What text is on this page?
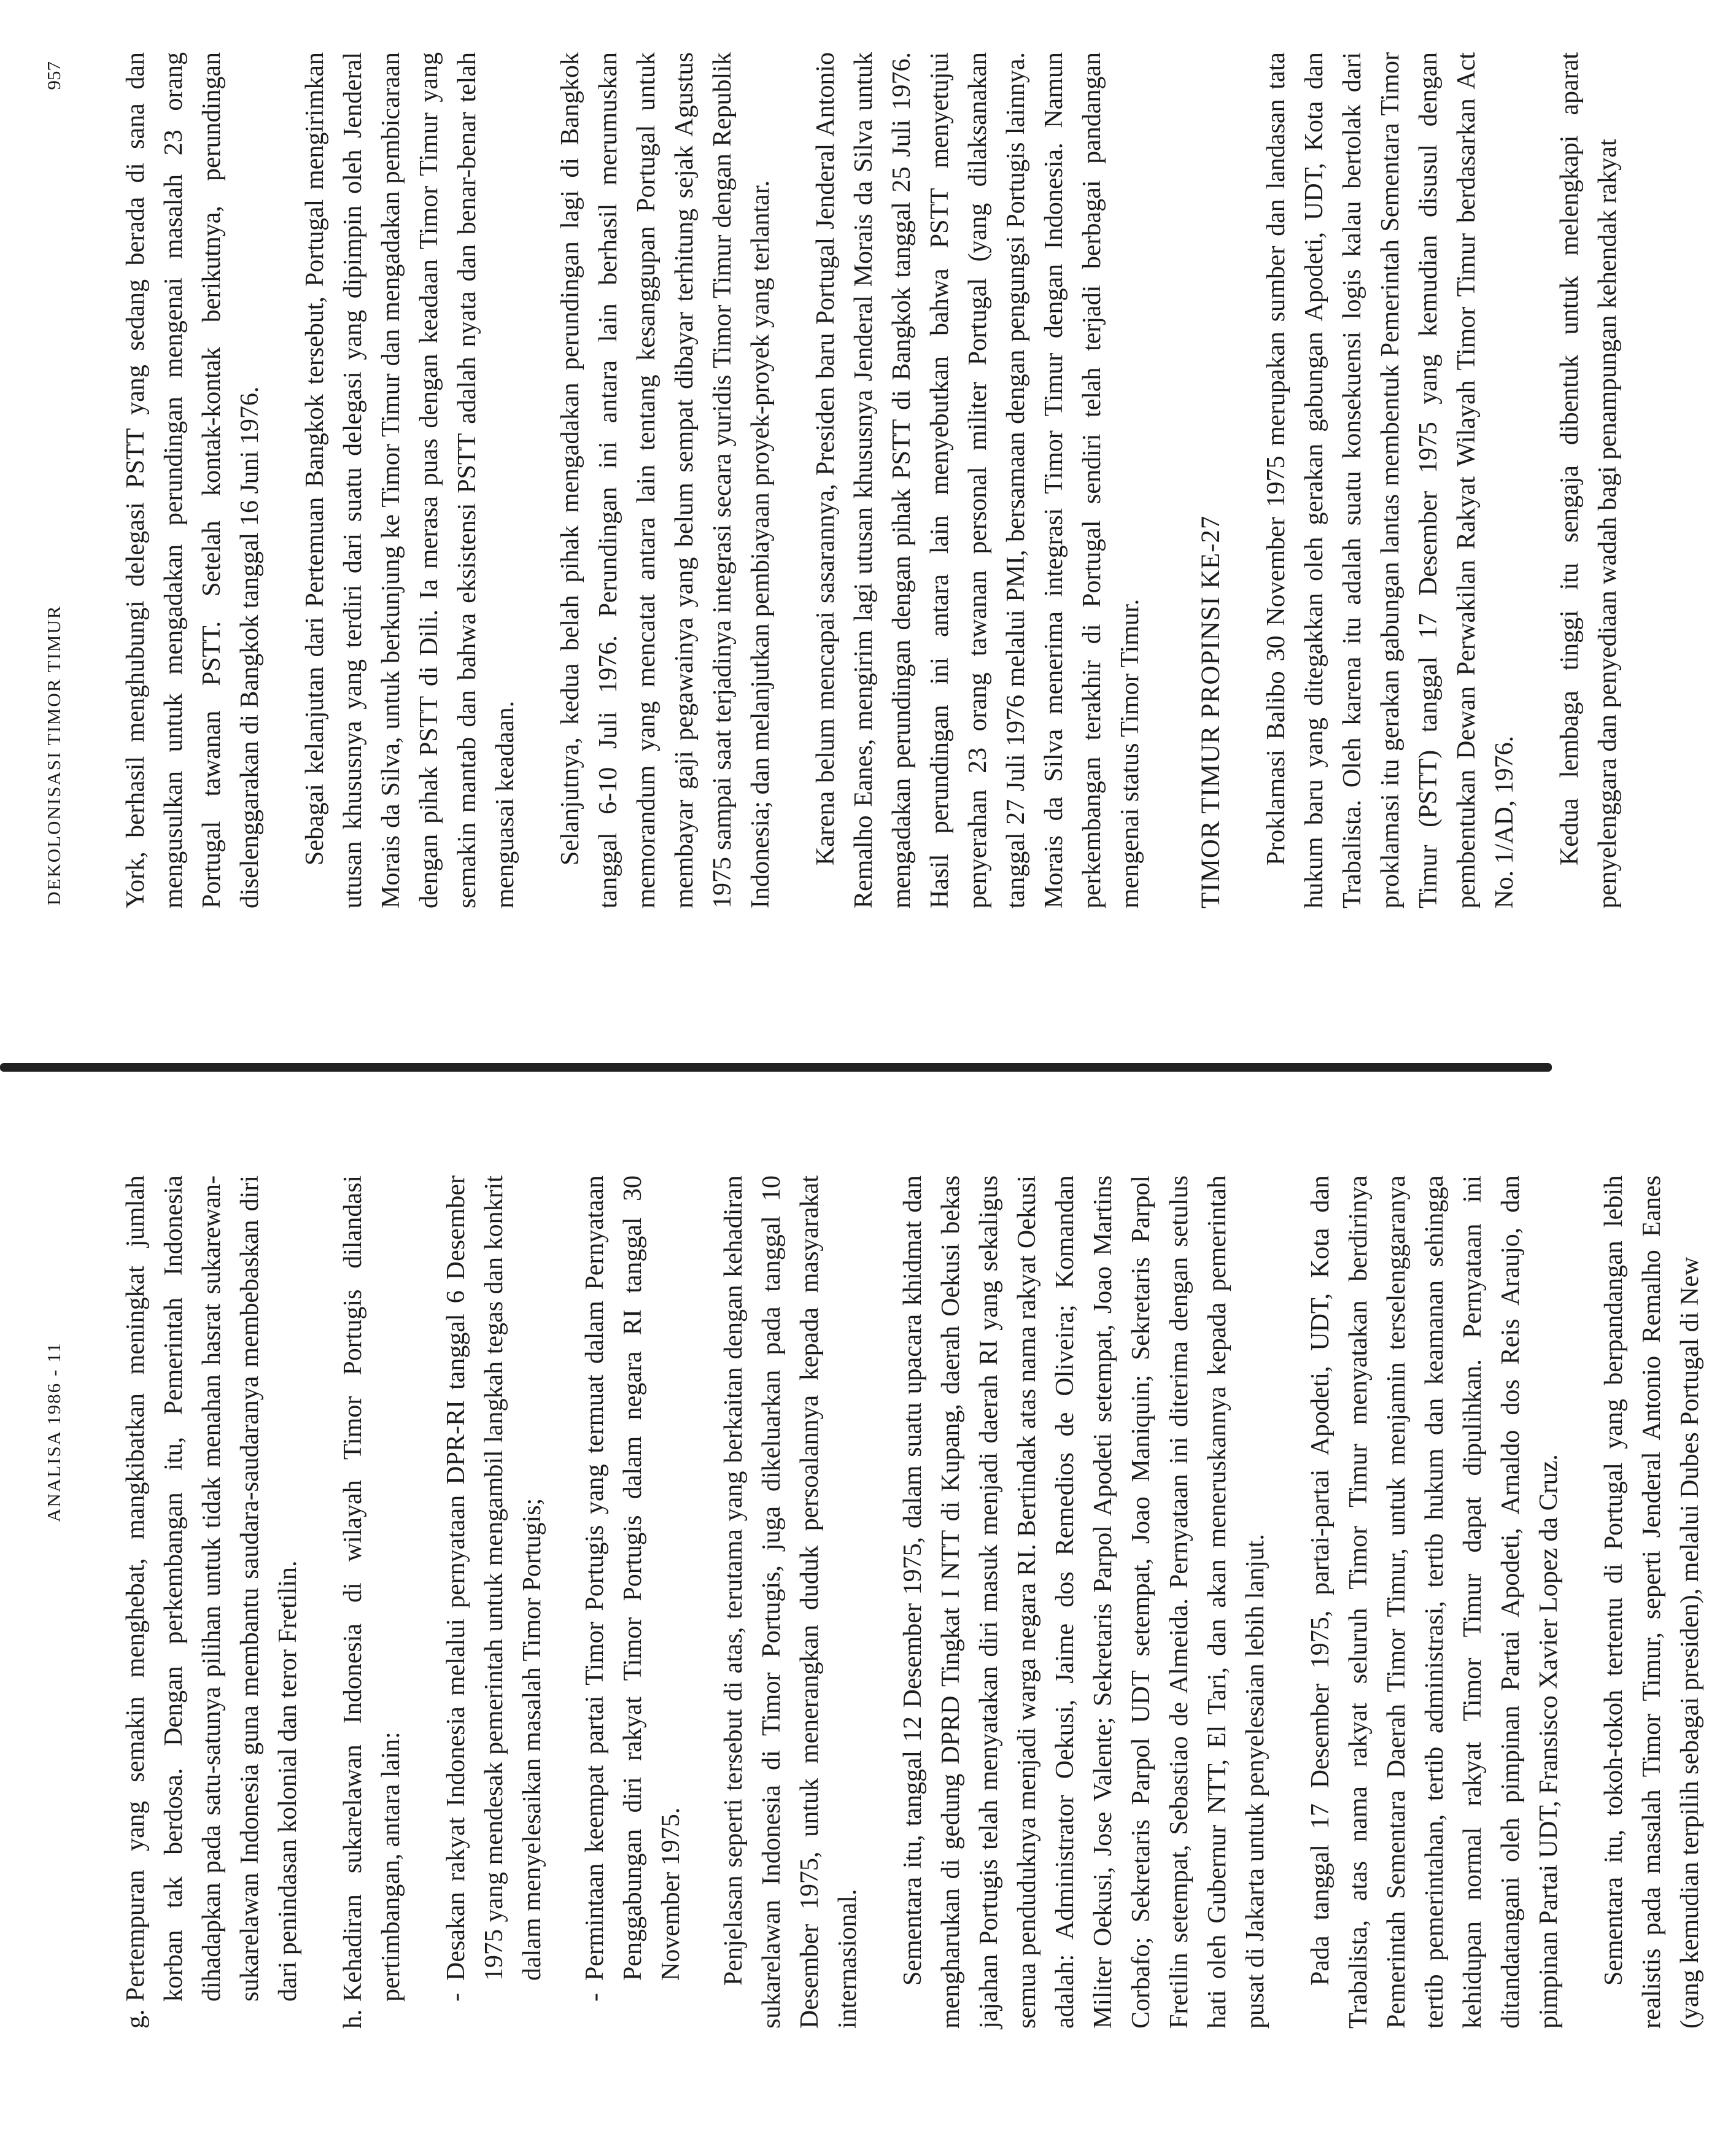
ANALISA 1986 - 11
g.
Pertempuran yang semakin menghebat, mangkibatkan meningkat jumlah korban tak berdosa. Dengan perkembangan itu, Pemerintah Indonesia dihadapkan pada satu-satunya pilihan untuk tidak menahan hasrat sukarewan-sukarelawan Indonesia guna membantu saudara-saudaranya membebaskan diri dari penindasan kolonial dan teror Fretilin.
h.
Kehadiran sukarelawan Indonesia di wilayah Timor Portugis dilandasi pertimbangan, antara lain: -
Desakan rakyat Indonesia melalui pernyataan DPR-RI tanggal 6 Desember 1975 yang mendesak pemerintah untuk mengambil langkah tegas dan konkrit dalam menyelesaikan masalah Timor Portugis;
-
Permintaan keempat partai Timor Portugis yang termuat dalam Pernyataan Penggabungan diri rakyat Timor Portugis dalam negara RI tanggal 30 November 1975. Penjelasan seperti tersebut di atas, terutama yang berkaitan dengan kehadiran sukarelawan Indonesia di Timor Portugis, juga dikeluarkan pada tanggal 10 Desember 1975, untuk menerangkan duduk persoalannya kepada masyarakat internasional. Sementara itu, tanggal 12 Desember 1975, dalam suatu upacara khidmat dan mengharukan di gedung DPRD Tingkat I NTT di Kupang, daerah Oekusi bekas jajahan Portugis telah menyatakan diri masuk menjadi daerah RI yang sekaligus semua penduduknya menjadi warga negara RI. Bertindak atas nama rakyat Oekusi adalah: Administrator Oekusi, Jaime dos Remedios de Oliveira; Komandan Militer Oekusi, Jose Valente; Sekretaris Parpol Apodeti setempat, Joao Martins Corbafo; Sekretaris Parpol UDT setempat, Joao Maniquin; Sekretaris Parpol Fretilin setempat, Sebastiao de Almeida. Pernyataan ini diterima dengan setulus hati oleh Gubernur NTT, El Tari, dan akan meneruskannya kepada pemerintah pusat di Jakarta untuk penyelesaian lebih lanjut. Pada tanggal 17 Desember 1975, partai-partai Apodeti, UDT, Kota dan Trabalista, atas nama rakyat seluruh Timor Timur menyatakan berdirinya Pemerintah Sementara Daerah Timor Timur, untuk menjamin terselenggaranya tertib pemerintahan, tertib administrasi, tertib hukum dan keamanan sehingga kehidupan normal rakyat Timor Timur dapat dipulihkan. Pernyataan ini ditandatangani oleh pimpinan Partai Apodeti, Arnaldo dos Reis Araujo, dan pimpinan Partai UDT, Fransisco Xavier Lopez da Cruz. Sementara itu, tokoh-tokoh tertentu di Portugal yang berpandangan lebih realistis pada masalah Timor Timur, seperti Jenderal Antonio Remalho Eanes (yang kemudian terpilih sebagai presiden), melalui Dubes Portugal di New

DEKOLONISASI TIMOR TIMUR
957 York, berhasil menghubungi delegasi PSTT yang sedang berada di sana dan mengusulkan untuk mengadakan perundingan mengenai masalah 23 orang Portugal tawanan PSTT. Setelah kontak-kontak berikutnya, perundingan diselenggarakan di Bangkok tanggal 16 Juni 1976. Sebagai kelanjutan dari Pertemuan Bangkok tersebut, Portugal mengirimkan utusan khususnya yang terdiri dari suatu delegasi yang dipimpin oleh Jenderal Morais da Silva, untuk berkunjung ke Timor Timur dan mengadakan pembicaraan dengan pihak PSTT di Dili. Ia merasa puas dengan keadaan Timor Timur yang semakin mantab dan bahwa eksistensi PSTT adalah nyata dan benar-benar telah menguasai keadaan. Selanjutnya, kedua belah pihak mengadakan perundingan lagi di Bangkok tanggal 6-10 Juli 1976. Perundingan ini antara lain berhasil merumuskan memorandum yang mencatat antara lain tentang kesanggupan Portugal untuk membayar gaji pegawainya yang belum sempat dibayar terhitung sejak Agustus 1975 sampai saat terjadinya integrasi secara yuridis Timor Timur dengan Republik Indonesia; dan melanjutkan pembiayaan proyek-proyek yang terlantar. Karena belum mencapai sasarannya, Presiden baru Portugal Jenderal Antonio Remalho Eanes, mengirim lagi utusan khususnya Jenderal Morais da Silva untuk mengadakan perundingan dengan pihak PSTT di Bangkok tanggal 25 Juli 1976. Hasil perundingan ini antara lain menyebutkan bahwa PSTT menyetujui penyerahan 23 orang tawanan personal militer Portugal (yang dilaksanakan tanggal 27 Juli 1976 melalui PMI, bersamaan dengan pengungsi Portugis lainnya. Morais da Silva menerima integrasi Timor Timur dengan Indonesia. Namun perkembangan terakhir di Portugal sendiri telah terjadi berbagai pandangan mengenai status Timor Timur. TIMOR TIMUR PROPINSI KE-27 Proklamasi Balibo 30 November 1975 merupakan sumber dan landasan tata hukum baru yang ditegakkan oleh gerakan gabungan Apodeti, UDT, Kota dan Trabalista. Oleh karena itu adalah suatu konsekuensi logis kalau bertolak dari proklamasi itu gerakan gabungan lantas membentuk Pemerintah Sementara Timor Timur (PSTT) tanggal 17 Desember 1975 yang kemudian disusul dengan pembentukan Dewan Perwakilan Rakyat Wilayah Timor Timur berdasarkan Act No. 1/AD, 1976. Kedua lembaga tinggi itu sengaja dibentuk untuk melengkapi aparat penyelenggara dan penyediaan wadah bagi penampungan kehendak rakyat
